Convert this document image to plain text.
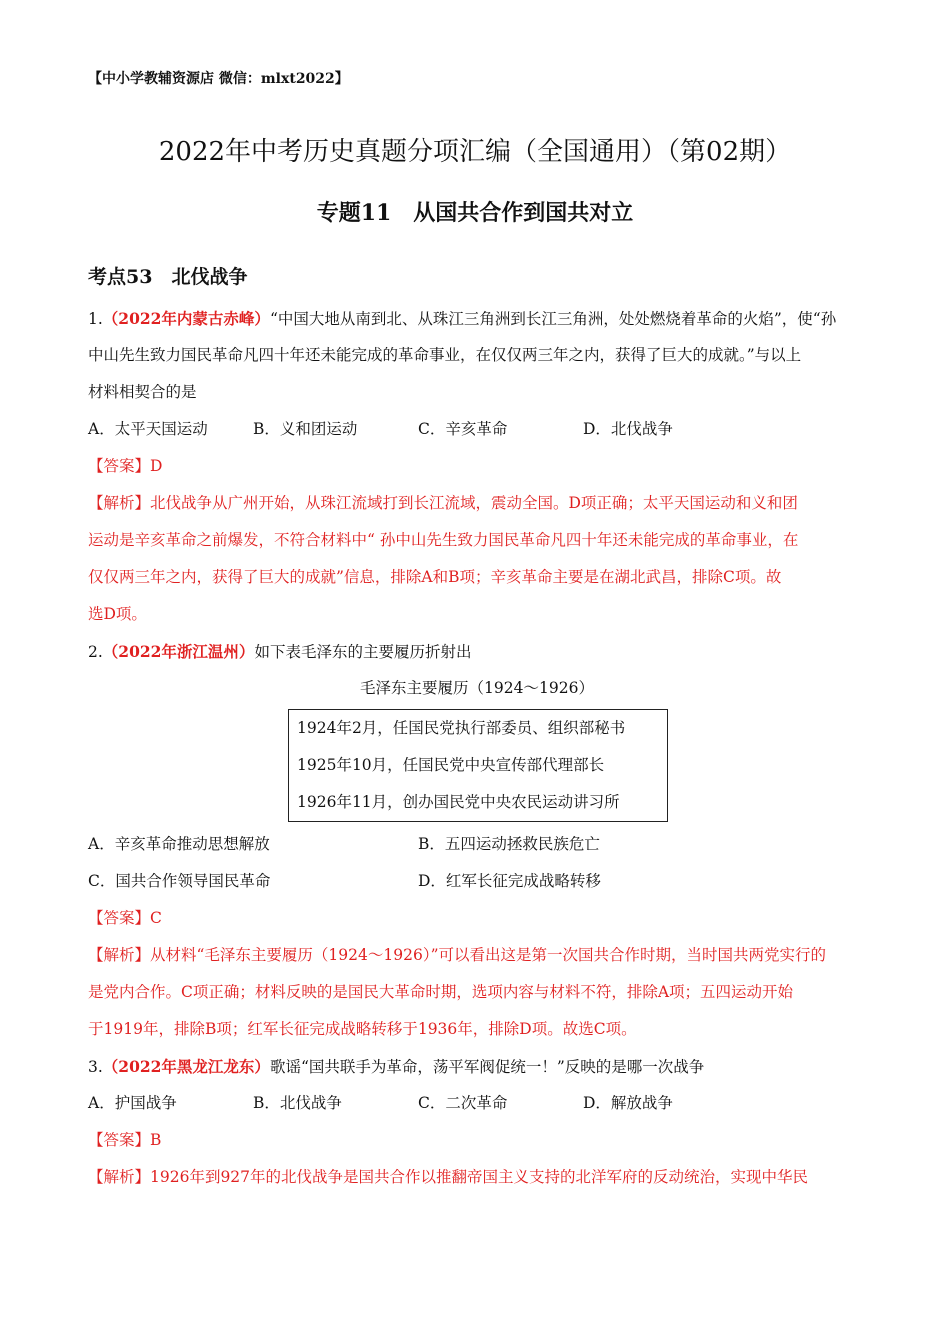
【中小学教辅资源店 微信：mlxt2022】
2022年中考历史真题分项汇编（全国通用）（第02期）
专题11　从国共合作到国共对立
考点53　北伐战争
1.（2022年内蒙古赤峰）“中国大地从南到北、从珠江三角洲到长江三角洲，处处燃烧着革命的火焰”，使“孙
中山先生致力国民革命凡四十年还未能完成的革命事业，在仅仅两三年之内，获得了巨大的成就。”与以上
材料相契合的是
A．太平天国运动	B．义和团运动	C．辛亥革命	D．北伐战争
【答案】D
【解析】北伐战争从广州开始，从珠江流域打到长江流域，震动全国。D项正确；太平天国运动和义和团
运动是辛亥革命之前爆发，不符合材料中“ 孙中山先生致力国民革命凡四十年还未能完成的革命事业，在
仅仅两三年之内，获得了巨大的成就”信息，排除A和B项；辛亥革命主要是在湖北武昌，排除C项。故
选D项。
2.（2022年浙江温州）如下表毛泽东的主要履历折射出
毛泽东主要履历（1924～1926）
1924年2月，任国民党执行部委员、组织部秘书
1925年10月，任国民党中央宣传部代理部长
1926年11月，创办国民党中央农民运动讲习所
A．辛亥革命推动思想解放	B．五四运动拯救民族危亡
C．国共合作领导国民革命	D．红军长征完成战略转移
【答案】C
【解析】从材料“毛泽东主要履历（1924～1926）”可以看出这是第一次国共合作时期，当时国共两党实行的
是党内合作。C项正确；材料反映的是国民大革命时期，选项内容与材料不符，排除A项；五四运动开始
于1919年，排除B项；红军长征完成战略转移于1936年，排除D项。故选C项。
3.（2022年黑龙江龙东）歌谣“国共联手为革命，荡平军阀促统一！”反映的是哪一次战争
A．护国战争	B．北伐战争	C．二次革命	D．解放战争
【答案】B
【解析】1926年到927年的北伐战争是国共合作以推翻帝国主义支持的北洋军府的反动统治，实现中华民
